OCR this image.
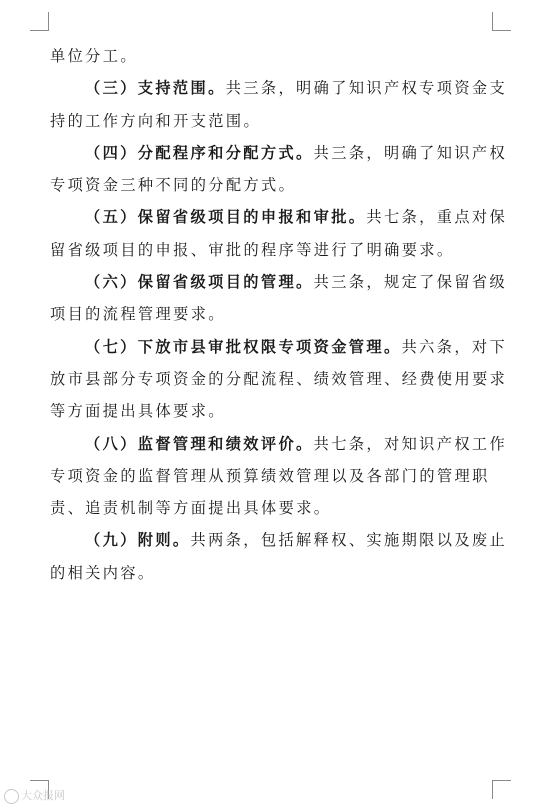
单位分工。
（三）支持范围。共三条，明确了知识产权专项资金支
持的工作方向和开支范围。
（四）分配程序和分配方式。共三条，明确了知识产权
专项资金三种不同的分配方式。
（五）保留省级项目的申报和审批。共七条，重点对保
留省级项目的申报、审批的程序等进行了明确要求。
（六）保留省级项目的管理。共三条，规定了保留省级
项目的流程管理要求。
（七）下放市县审批权限专项资金管理。共六条，对下
放市县部分专项资金的分配流程、绩效管理、经费使用要求
等方面提出具体要求。
（八）监督管理和绩效评价。共七条，对知识产权工作
专项资金的监督管理从预算绩效管理以及各部门的管理职
责、追责机制等方面提出具体要求。
（九）附则。共两条，包括解释权、实施期限以及废止
的相关内容。
大众报网
